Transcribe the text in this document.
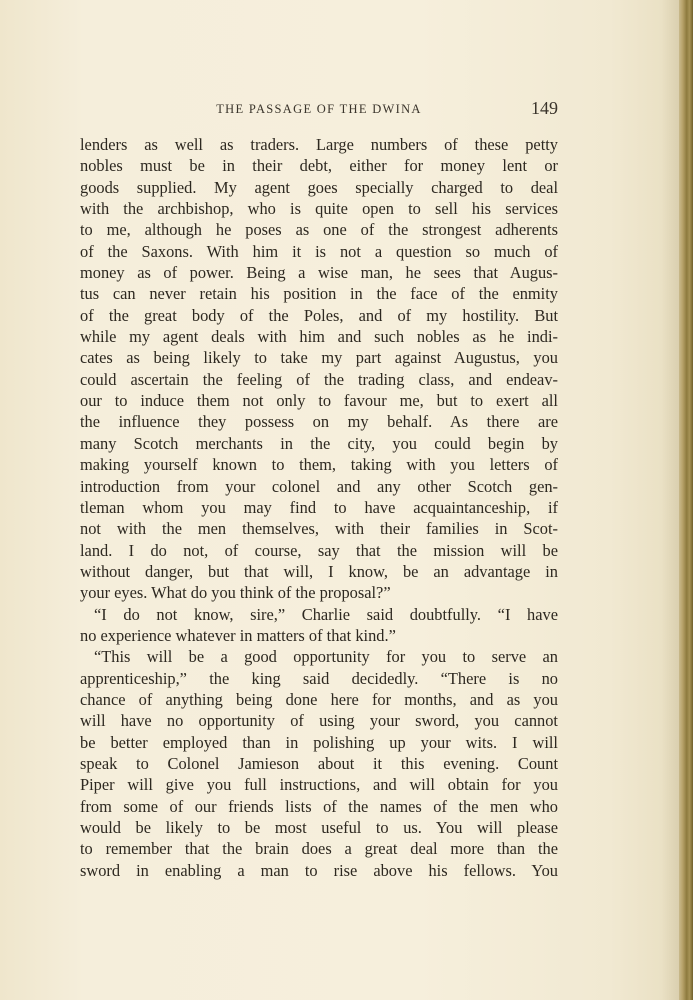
THE PASSAGE OF THE DWINA	149
lenders as well as traders. Large numbers of these petty
nobles must be in their debt, either for money lent or
goods supplied. My agent goes specially charged to deal
with the archbishop, who is quite open to sell his services
to me, although he poses as one of the strongest adherents
of the Saxons. With him it is not a question so much of
money as of power. Being a wise man, he sees that Augus-
tus can never retain his position in the face of the enmity
of the great body of the Poles, and of my hostility. But
while my agent deals with him and such nobles as he indi-
cates as being likely to take my part against Augustus, you
could ascertain the feeling of the trading class, and endeav-
our to induce them not only to favour me, but to exert all
the influence they possess on my behalf. As there are
many Scotch merchants in the city, you could begin by
making yourself known to them, taking with you letters of
introduction from your colonel and any other Scotch gen-
tleman whom you may find to have acquaintanceship, if
not with the men themselves, with their families in Scot-
land. I do not, of course, say that the mission will be
without danger, but that will, I know, be an advantage in
your eyes. What do you think of the proposal?”
“I do not know, sire,” Charlie said doubtfully. “I have
no experience whatever in matters of that kind.”
“This will be a good opportunity for you to serve an
apprenticeship,” the king said decidedly. “There is no
chance of anything being done here for months, and as you
will have no opportunity of using your sword, you cannot
be better employed than in polishing up your wits. I will
speak to Colonel Jamieson about it this evening. Count
Piper will give you full instructions, and will obtain for you
from some of our friends lists of the names of the men who
would be likely to be most useful to us. You will please
to remember that the brain does a great deal more than the
sword in enabling a man to rise above his fellows. You
